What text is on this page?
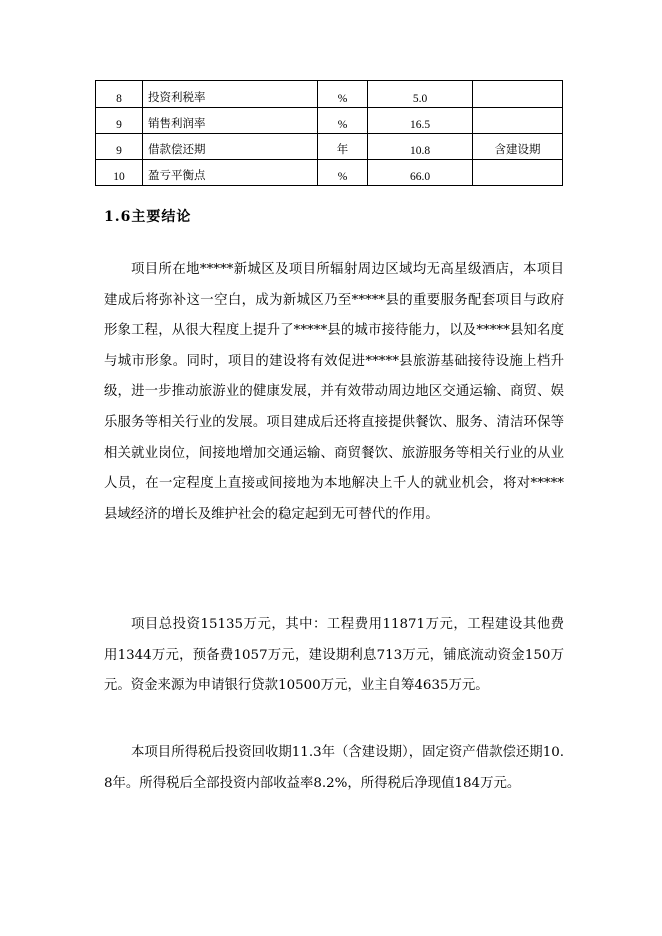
8	投资利税率	%	5.0	
9	销售利润率	%	16.5	
9	借款偿还期	年	10.8	含建设期
10	盈亏平衡点	%	66.0	
1.6主要结论

项目所在地*****新城区及项目所辐射周边区域均无高星级酒店，本项目建成后将弥补这一空白，成为新城区乃至*****县的重要服务配套项目与政府形象工程，从很大程度上提升了*****县的城市接待能力，以及*****县知名度与城市形象。同时，项目的建设将有效促进*****县旅游基础接待设施上档升级，进一步推动旅游业的健康发展，并有效带动周边地区交通运输、商贸、娱乐服务等相关行业的发展。项目建成后还将直接提供餐饮、服务、清洁环保等相关就业岗位，间接地增加交通运输、商贸餐饮、旅游服务等相关行业的从业人员，在一定程度上直接或间接地为本地解决上千人的就业机会，将对*****县域经济的增长及维护社会的稳定起到无可替代的作用。

项目总投资15135万元，其中：工程费用11871万元，工程建设其他费用1344万元，预备费1057万元，建设期利息713万元，铺底流动资金150万元。资金来源为申请银行贷款10500万元，业主自筹4635万元。

本项目所得税后投资回收期11.3年（含建设期），固定资产借款偿还期10.8年。所得税后全部投资内部收益率8.2%，所得税后净现值184万元。
